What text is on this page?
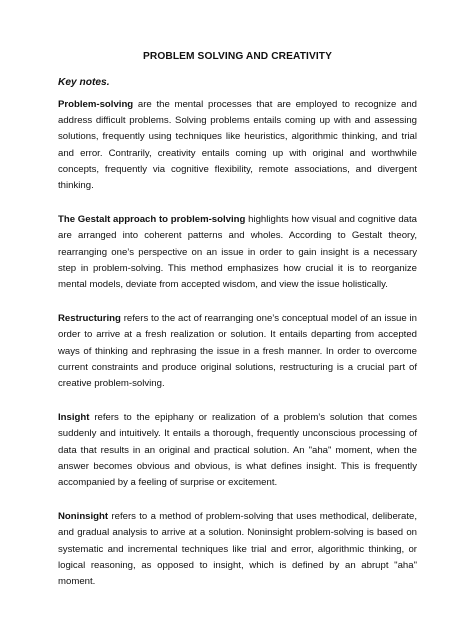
PROBLEM SOLVING AND CREATIVITY

Key notes.

Problem-solving are the mental processes that are employed to recognize and address difficult problems. Solving problems entails coming up with and assessing solutions, frequently using techniques like heuristics, algorithmic thinking, and trial and error. Contrarily, creativity entails coming up with original and worthwhile concepts, frequently via cognitive flexibility, remote associations, and divergent thinking.

The Gestalt approach to problem-solving highlights how visual and cognitive data are arranged into coherent patterns and wholes. According to Gestalt theory, rearranging one’s perspective on an issue in order to gain insight is a necessary step in problem-solving. This method emphasizes how crucial it is to reorganize mental models, deviate from accepted wisdom, and view the issue holistically.

Restructuring refers to the act of rearranging one’s conceptual model of an issue in order to arrive at a fresh realization or solution. It entails departing from accepted ways of thinking and rephrasing the issue in a fresh manner. In order to overcome current constraints and produce original solutions, restructuring is a crucial part of creative problem-solving.

Insight refers to the epiphany or realization of a problem’s solution that comes suddenly and intuitively. It entails a thorough, frequently unconscious processing of data that results in an original and practical solution. An "aha" moment, when the answer becomes obvious and obvious, is what defines insight. This is frequently accompanied by a feeling of surprise or excitement.

Noninsight refers to a method of problem-solving that uses methodical, deliberate, and gradual analysis to arrive at a solution. Noninsight problem-solving is based on systematic and incremental techniques like trial and error, algorithmic thinking, or logical reasoning, as opposed to insight, which is defined by an abrupt "aha" moment.
